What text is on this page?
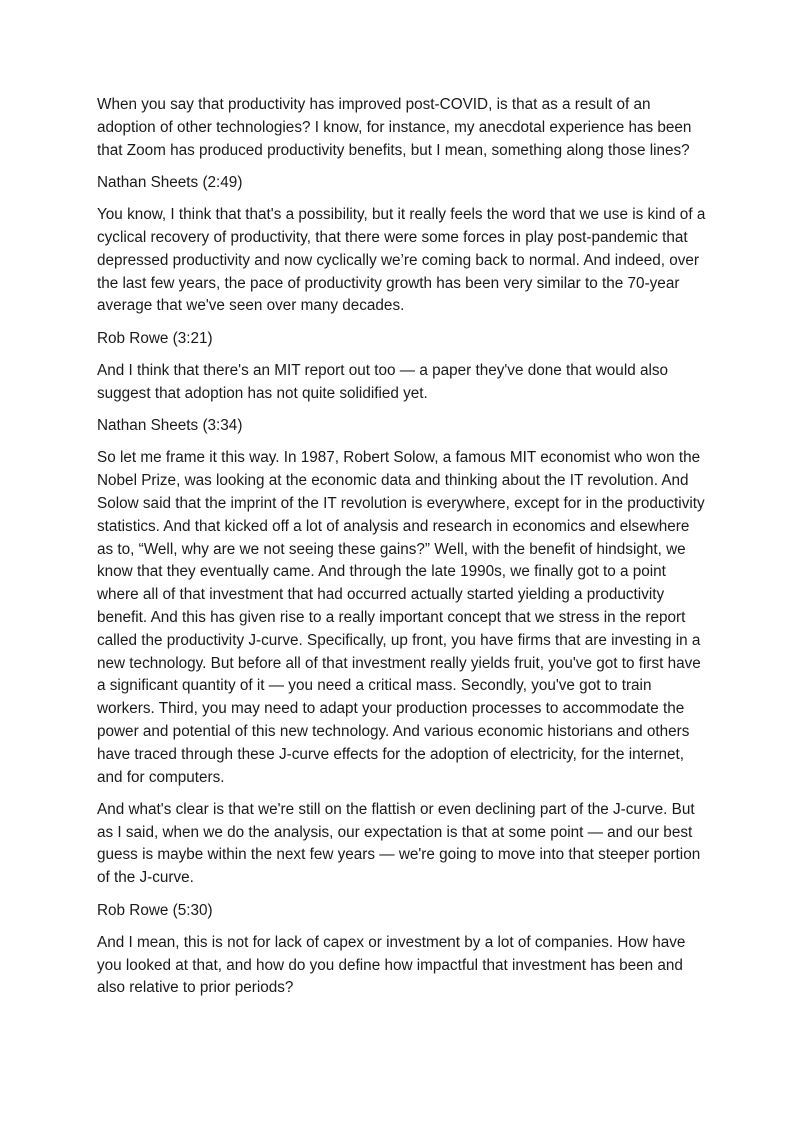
When you say that productivity has improved post-COVID, is that as a result of an adoption of other technologies? I know, for instance, my anecdotal experience has been that Zoom has produced productivity benefits, but I mean, something along those lines?

Nathan Sheets (2:49)

You know, I think that that's a possibility, but it really feels the word that we use is kind of a cyclical recovery of productivity, that there were some forces in play post-pandemic that depressed productivity and now cyclically we’re coming back to normal. And indeed, over the last few years, the pace of productivity growth has been very similar to the 70-year average that we've seen over many decades.

Rob Rowe (3:21)

And I think that there's an MIT report out too — a paper they've done that would also suggest that adoption has not quite solidified yet.

Nathan Sheets (3:34)

So let me frame it this way. In 1987, Robert Solow, a famous MIT economist who won the Nobel Prize, was looking at the economic data and thinking about the IT revolution. And Solow said that the imprint of the IT revolution is everywhere, except for in the productivity statistics. And that kicked off a lot of analysis and research in economics and elsewhere as to, “Well, why are we not seeing these gains?” Well, with the benefit of hindsight, we know that they eventually came. And through the late 1990s, we finally got to a point where all of that investment that had occurred actually started yielding a productivity benefit. And this has given rise to a really important concept that we stress in the report called the productivity J-curve. Specifically, up front, you have firms that are investing in a new technology. But before all of that investment really yields fruit, you've got to first have a significant quantity of it — you need a critical mass. Secondly, you've got to train workers. Third, you may need to adapt your production processes to accommodate the power and potential of this new technology. And various economic historians and others have traced through these J-curve effects for the adoption of electricity, for the internet, and for computers.

And what's clear is that we're still on the flattish or even declining part of the J-curve. But as I said, when we do the analysis, our expectation is that at some point — and our best guess is maybe within the next few years — we're going to move into that steeper portion of the J-curve.

Rob Rowe (5:30)

And I mean, this is not for lack of capex or investment by a lot of companies. How have you looked at that, and how do you define how impactful that investment has been and also relative to prior periods?
